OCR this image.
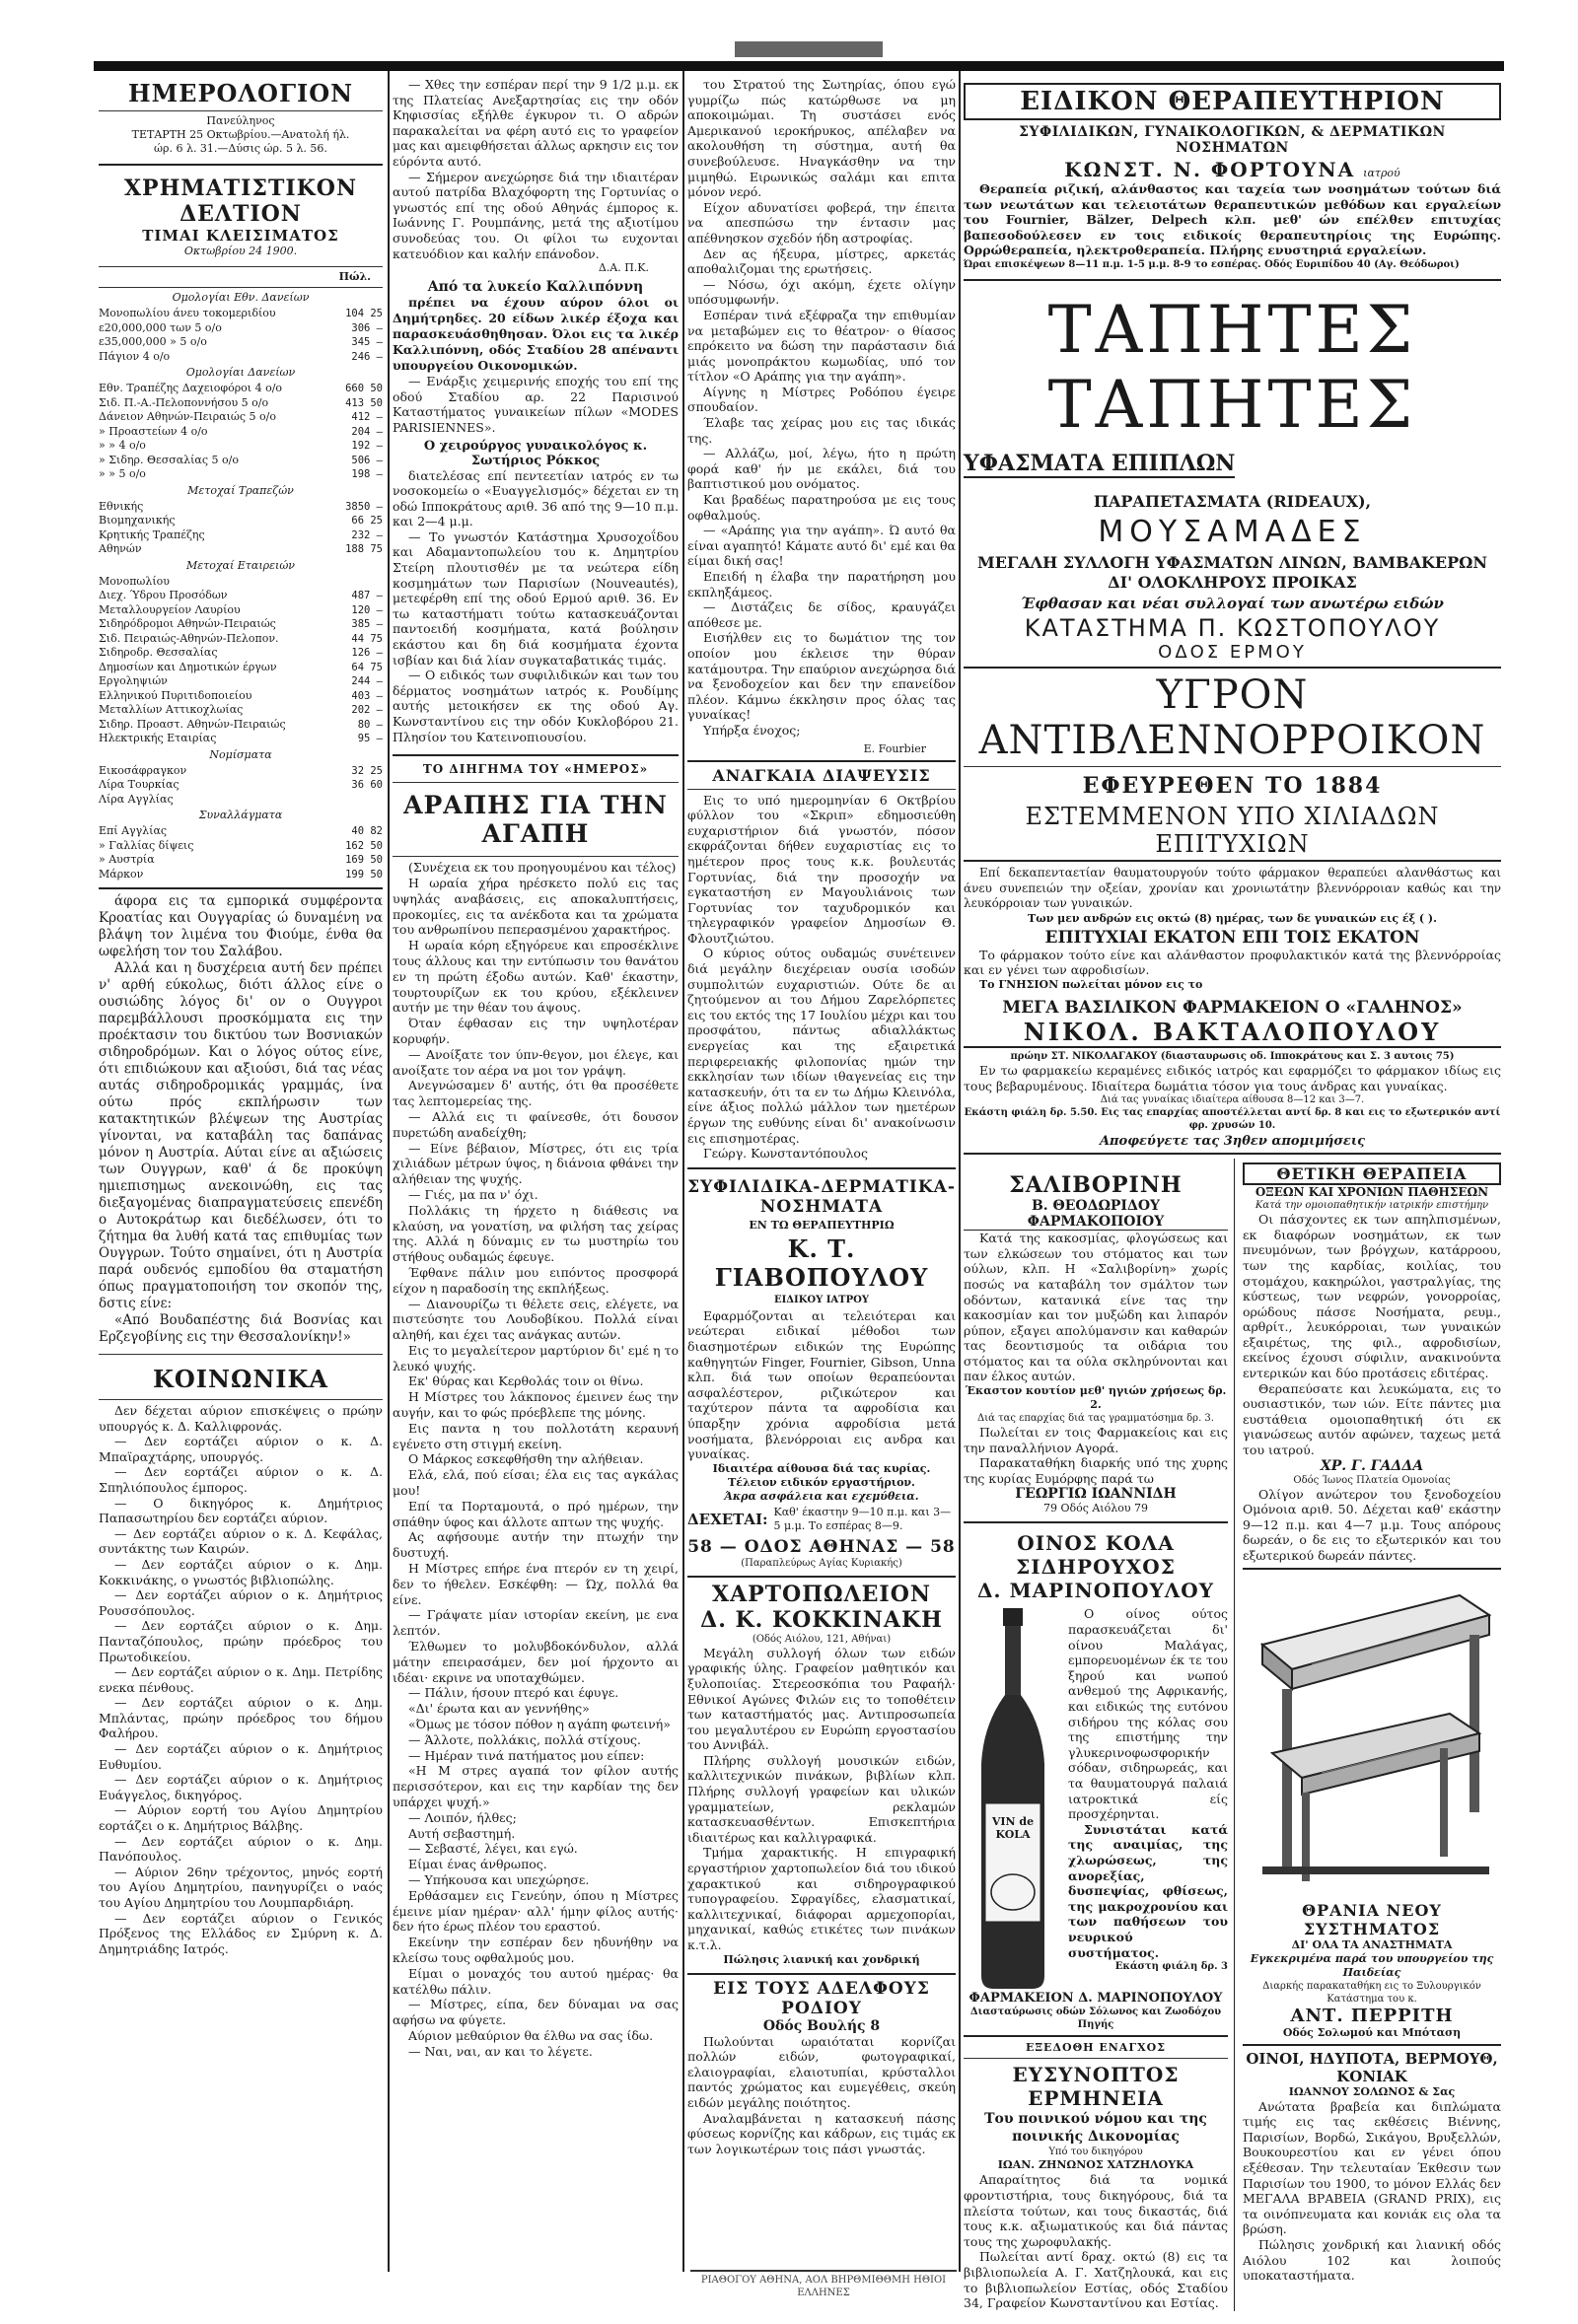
ΗΜΕΡΟΛΟΓΙΟΝ
Πανεύληνος
ΤΕΤΑΡΤΗ 25 Οκτωβρίου.—Ανατολή ήλ.
ώρ. 6 λ. 31.—Δύσις ώρ. 5 λ. 56.
ΧΡΗΜΑΤΙΣΤΙΚΟΝ ΔΕΛΤΙΟΝ
ΤΙΜΑΙ ΚΛΕΙΣΙΜΑΤΟΣ
Οκτωβρίου 24 1900.
Πώλ.
Ομολογίαι Εθν. Δανείων
Μονοπωλίου άνευ τοκομεριδίου	104 25
ε20,000,000 των 5 ο/ο	306 —
ε35,000,000 » 5 ο/ο	345 —
Πάγιον 4 ο/ο	246 —
Ομολογίαι Δανείων
Εθν. Τραπέζης Δαχειοφόροι 4 ο/ο	660 50
Σιδ. Π.-Α.-Πελοποννήσου 5 ο/ο	413 50
Δάνειον Αθηνών-Πειραιώς 5 ο/ο	412 —
» Προαστείων 4 ο/ο	204 —
» » 4 ο/ο	192 —
» Σιδηρ. Θεσσαλίας 5 ο/ο	506 —
» » 5 ο/ο	198 —
Μετοχαί Τραπεζών
Εθνικής	3850 —
Βιομηχανικής	66 25
Κρητικής Τραπέζης	232 —
Αθηνών	188 75
Μετοχαί Εταιρειών
Μονοπωλίου
Διεχ. Ύδρου Προσόδων	487 —
Μεταλλουργείον Λαυρίου	120 —
Σιδηρόδρομοι Αθηνών-Πειραιώς	385 —
Σιδ. Πειραιώς-Αθηνών-Πελοπον.	44 75
Σιδηροδρ. Θεσσαλίας	126 —
Δημοσίων και Δημοτικών έργων	64 75
Εργοληψιών	244 —
Ελληνικού Πυριτιδοποιείου	403 —
Μεταλλίων Αττικοχλωίας	202 —
Σιδηρ. Προαστ. Αθηνών-Πειραιώς	80 —
Ηλεκτρικής Εταιρίας	95 —
Νομίσματα
Εικοσάφραγκον	32 25
Λίρα Τουρκίας	36 60
Λίρα Αγγλίας
Συναλλάγματα
Επί Αγγλίας	40 82
» Γαλλίας δίψεις	162 50
» Αυστρία	169 50
Μάρκον	199 50

άφορα εις τα εμπορικά συμφέροντα Κροατίας και Ουγγαρίας ώ δυναμένη να βλάψη τον λιμένα του Φιούμε, ένθα θα ωφελήση τον του Σαλάβου.

Αλλά και η δυσχέρεια αυτή δεν πρέπει ν' αρθή εύκολως, διότι άλλος είνε ο ουσιώδης λόγος δι' ον ο Ουγγροι παρεμβάλλουσι προσκόμματα εις την προέκτασιν του δικτύου των Βοσνιακών σιδηροδρόμων. Και ο λόγος ούτος είνε, ότι επιδιώκουν και αξιούσι, διά τας νέας αυτάς σιδηροδρομικάς γραμμάς, ίνα ούτω πρός εκπλήρωσιν των κατακτητικών βλέψεων της Αυστρίας γίνονται, να καταβάλη τας δαπάνας μόνον η Αυστρία. Αύται είνε αι αξιώσεις των Ουγγρων, καθ' ά δε προκύψη ημιεπισημως ανεκοινώθη, εις τας διεξαγομένας διαπραγματεύσεις επενέδη ο Αυτοκράτωρ και διεδέλωσεν, ότι το ζήτημα θα λυθή κατά τας επιθυμίας των Ουγγρων. Τούτο σημαίνει, ότι η Αυστρία παρά ουδενός εμποδίου θα σταματήση όπως πραγματοποιήση τον σκοπόν της, δστις είνε:

«Από Βουδαπέστης διά Βοσνίας και Ερζεγοβίνης εις την Θεσσαλονίκην!»

ΚΟΙΝΩΝΙΚΑ

Δεν δέχεται αύριον επισκέψεις ο πρώην υπουργός κ. Δ. Καλλιφρονάς.

— Δεν εορτάζει αύριον ο κ. Δ. Μπαϊραχτάρης, υπουργός.

— Δεν εορτάζει αύριον ο κ. Δ. Σπηλιόπουλος έμπορος.

— Ο δικηγόρος κ. Δημήτριος Παπασωτηρίου δεν εορτάζει αύριον.

— Δεν εορτάζει αύριον ο κ. Δ. Κεφάλας, συντάκτης των Καιρών.

— Δεν εορτάζει αύριον ο κ. Δημ. Κοκκινάκης, ο γνωστός βιβλιοπώλης.

— Δεν εορτάζει αύριον ο κ. Δημήτριος Ρουσσόπουλος.

— Δεν εορτάζει αύριον ο κ. Δημ. Πανταζόπουλος, πρώην πρόεδρος του Πρωτοδικείου.

— Δεν εορτάζει αύριον ο κ. Δημ. Πετρίδης ενεκα πένθους.

— Δεν εορτάζει αύριον ο κ. Δημ. Μπλάντας, πρώην πρόεδρος του δήμου Φαλήρου.

— Δεν εορτάζει αύριον ο κ. Δημήτριος Ευθυμίου.

— Δεν εορτάζει αύριον ο κ. Δημήτριος Ευάγγελος, δικηγόρος.

— Αύριον εορτή του Αγίου Δημητρίου εορτάζει ο κ. Δημήτριος Βάλβης.

— Δεν εορτάζει αύριον ο κ. Δημ. Πανόπουλος.

— Αύριον 26ην τρέχοντος, μηνός εορτή του Αγίου Δημητρίου, πανηγυρίζει ο ναός του Αγίου Δημητρίου του Λουμπαρδιάρη.

— Δεν εορτάζει αύριον ο Γενικός Πρόξενος της Ελλάδος εν Σμύρνη κ. Δ. Δημητριάδης Ιατρός.

— Χθες την εσπέραν περί την 9 1/2 μ.μ. εκ της Πλατείας Ανεξαρτησίας εις την οδόν Κηφισσίας εξήλθε έγκυρον τι. Ο αδρών παρακαλείται να φέρη αυτό εις το γραφείον μας και αμειφθήσεται άλλως αρκησιν εις τον εύρόντα αυτό.

— Σήμερον ανεχώρησε διά την ιδιαιτέραν αυτού πατρίδα Βλαχόφορτη της Γορτυνίας ο γνωστός επί της οδού Αθηνάς έμπορος κ. Ιωάννης Γ. Ρουμπάνης, μετά της αξιοτίμου συνοδεύας του. Οι φίλοι τω ευχονται κατευόδιον και καλήν επάνοδον.

Δ.Α. Π.Κ.
Από τα λυκείο Καλλιπόννη

πρέπει να έχουν αύρον όλοι οι Δημήτρηδες. 20 είδων λικέρ έξοχα και παρασκευάσθηθησαν. Όλοι εις τα λικέρ Καλλιπόννη, οδός Σταδίου 28 απέναντι υπουργείου Οικονομικών.

— Ενάρξις χειμερινής εποχής του επί της οδού Σταδίου αρ. 22 Παρισινού Καταστήματος γυναικείων πίλων «MODES PARISIENNES».

Ο χειρούργος γυναικολόγος κ. Σωτήριος Ρόκκος

διατελέσας επί πεντεετίαν ιατρός εν τω νοσοκομείω ο «Ευαγγελισμός» δέχεται εν τη οδώ Ιπποκράτους αριθ. 36 από της 9—10 π.μ. και 2—4 μ.μ.

— Το γνωστόν Κατάστημα Χρυσοχοΐδου και Αδαμαντοπωλείου του κ. Δημητρίου Στείρη πλουτισθέν με τα νεώτερα είδη κοσμημάτων των Παρισίων (Nouveautés), μετεφέρθη επί της οδού Ερμού αριθ. 36. Εν τω καταστήματι τούτω κατασκευάζονται παντοειδή κοσμήματα, κατά βούλησιν εκάστου και δη διά κοσμήματα έχοντα ισβίαν και διά λίαν συγκαταβατικάς τιμάς.

— Ο ειδικός των συφιλιδικών και των του δέρματος νοσημάτων ιατρός κ. Ρουδίμης αυτής μετοικήσεν εκ της οδού Αγ. Κωνσταντίνου εις την οδόν Κυκλοβόρου 21. Πλησίον του Κατεινοπιουσίου.

ΤΟ ΔΙΗΓΗΜΑ ΤΟΥ «ΗΜΕΡΟΣ»
ΑΡΑΠΗΣ ΓΙΑ ΤΗΝ ΑΓΑΠΗ

(Συνέχεια εκ του προηγουμένου και τέλος)

Η ωραία χήρα ηρέσκετο πολύ εις τας υψηλάς αναβάσεις, εις αποκαλυπτήσεις, προκομίες, εις τα ανέκδοτα και τα χρώματα του ανθρωπίνου πεπερασμένου χαρακτήρος.

Η ωραία κόρη εξηγόρευε και επροσέκλινε τους άλλους και την εντύπωσιν του θανάτου εν τη πρώτη έξοδω αυτών. Καθ' έκαστην, τουρτουρίζων εκ του κρύου, εξέκλεινεν αυτήν με την θέαν του άψους.

Όταν έφθασαν εις την υψηλοτέραν κορυφήν.

— Ανοίξατε τον ύπν-θεγον, μοι έλεγε, και ανοίξατε τον αέρα να μοι τον γράψη.

Ανεγνώσαμεν δ' αυτής, ότι θα προσέθετε τας λεπτομερείας της.

— Αλλά εις τι φαίνεσθε, ότι δουσον πυρετώδη αναδείχθη;

— Είνε βέβαιον, Μίστρες, ότι εις τρία χιλιάδων μέτρων ύψος, η διάνοια φθάνει την αλήθειαν της ψυχής.

— Γιές, μα πα ν' όχι.

Πολλάκις τη ήρχετο η διάθεσις να κλαύση, να γονατίση, να φιλήση τας χείρας της. Αλλά η δύναμις εν τω μυστηρίω του στήθους ουδαμώς έφευγε.

Έφθανε πάλιν μου ειπόντος προσφορά είχον η παραδοσίη της εκπλήξεως.

— Διανουρίζω τι θέλετε σεις, ελέγετε, να πιστεύσητε του Λουδοβίκου. Πολλά είναι αληθή, και έχει τας ανάγκας αυτών.

Εις το μεγαλείτερον μαρτύριον δι' εμέ η το λευκό ψυχής.

Εκ' θύρας και Κερθολάς τοιν οι θίνω.

Η Μίστρες του λάκπονος έμεινεν έως την αυγήν, και το φώς πρόεβλεπε της μόνης.

Εις παντα η του πολλοτάτη κεραυνή εγένετο στη στιγμή εκείνη.

Ο Μάρκος εσκεφθήσθη την αλήθειαν.

Ελά, ελά, πού είσαι; έλα εις τας αγκάλας μου!

Επί τα Πορταμουτά, ο πρό ημέρων, την σπάθην ύφος και άλλοτε απτων της ψυχής.

Ας αφήσουμε αυτήν την πτωχήν την δυστυχή.

Η Μίστρες επήρε ένα πτερόν εν τη χειρί, δεν το ήθελεν. Εσκέφθη: — Ώχ, πολλά θα είνε.

— Γράψατε μίαν ιστορίαν εκείνη, με ενα λεπτόν.

Έλθωμεν το μολυβδοκόνδυλον, αλλά μάτην επειρασάμεν, δεν μοί ήρχοντο αι ιδέαι· εκρινε να υποταχθώμεν.

— Πάλιν, ήσουν πτερό και έφυγε.

«Δι' έρωτα και αν γεννήθης»

«Όμως με τόσον πόθον η αγάπη φωτεινή»

— Άλλοτε, πολλάκις, πολλά στίχους.

— Ημέραν τινά πατήματος μου είπεν:

«Η Μ στρες αγαπά τον φίλον αυτής περισσότερον, και εις την καρδίαν της δεν υπάρχει ψυχή.»

— Λοιπόν, ήλθες;

Αυτή σεβαστημή.

— Σεβαστέ, λέγει, και εγώ.

Είμαι ένας άνθρωπος.

— Υπήκουσα και υπεχώρησε.

Ερθάσαμεν εις Γενεύην, όπου η Μίστρες έμεινε μίαν ημέραν· αλλ' ήμην φίλος αυτής· δεν ήτο έρως πλέον του εραστού.

Εκείνην την εσπέραν δεν ηδυνήθην να κλείσω τους οφθαλμούς μου.

Είμαι ο μοναχός του αυτού ημέρας· θα κατέλθω πάλιν.

— Μίστρες, είπα, δεν δύναμαι να σας αφήσω να φύγετε.

Αύριον μεθαύριον θα έλθω να σας ίδω.

— Ναι, ναι, αν και το λέγετε.

του Στρατού της Σωτηρίας, όπου εγώ γυμρίζω πώς κατώρθωσε να μη αποκοιμώμαι. Τη συστάσει ενός Αμερικανού ιεροκήρυκος, απέλαβεν να ακολουθήση τη σύστημα, αυτή θα συνεβούλευσε. Ηναγκάσθην να την μιμηθώ. Ειρωνικώς σαλάμι και επιτα μόνον νερό.

Είχον αδυνατίσει φοβερά, την έπειτα να απεσπώσω την έντασιν μας απέθνησκον σχεδόν ήδη αστροφίας.

Δεν ας ήξευρα, μίστρες, αρκετάς αποθαλιζομαι της ερωτήσεις.

— Νόσω, όχι ακόμη, έχετε ολίγην υπόσυμφωνήν.

Εσπέραν τινά εξέφραζα την επιθυμίαν να μεταβώμεν εις το θέατρον· ο θίασος επρόκειτο να δώση την παράστασιν διά μιάς μονοπράκτου κωμωδίας, υπό τον τίτλον «Ο Αράπης για την αγάπη».

Αίγνης η Μίστρες Ροδόπου έγειρε σπουδαίον.

Έλαβε τας χείρας μου εις τας ιδικάς της.

— Αλλάζω, μοί, λέγω, ήτο η πρώτη φορά καθ' ήν με εκάλει, διά του βαπτιστικού μου ονόματος.

Και βραδέως παρατηρούσα με εις τους οφθαλμούς.

— «Αράπης για την αγάπη». Ώ αυτό θα είναι αγαπητό! Κάματε αυτό δι' εμέ και θα είμαι δική σας!

Επειδή η έλαβα την παρατήρηση μου εκπληξάμεος.

— Διστάζεις δε σίδος, κραυγάζει απόθεσε με.

Εισήλθεν εις το δωμάτιον της τον οποίον μου έκλεισε την θύραν κατάμουτρα. Την επαύριον ανεχώρησα διά να ξενοδοχείον και δεν την επανείδον πλέον. Κάμνω έκκλησιν προς όλας τας γυναίκας!

Υπήρξα ένοχος;

E. Fourbier
ΑΝΑΓΚΑΙΑ ΔΙΑΨΕΥΣΙΣ

Εις το υπό ημερομηνίαν 6 Οκτβρίου φύλλον του «Σκριπ» εδημοσιεύθη ευχαριστήριον διά γνωστόν, πόσον εκφράζονται δήθεν ευχαριστίας εις το ημέτερον προς τους κ.κ. βουλευτάς Γορτυνίας, διά την προσοχήν να εγκαταστήση εν Μαγουλιάνοις των Γορτυνίας τον ταχυδρομικόν και τηλεγραφικόν γραφείον Δημοσίων Θ. Φλουτζιώτου.

Ο κύριος ούτος ουδαμώς συνέτεινεν διά μεγάλην διεχέρειαν ουσία ισοδών συμπολιτών ευχαριστιών. Ούτε δε αι ζητούμενον αι του Δήμου Ζαρελόρπετες εις του εκτός της 17 Ιουλίου μέχρι και του προσφάτου, πάντως αδιαλλάκτως ενεργείας και της εξαιρετικά περιφερειακής φιλοπονίας ημών την εκκλησίαν των ιδίων ιθαγενείας εις την κατασκευήν, ότι τα εν τω Δήμω Κλεινόλα, είνε άξιος πολλώ μάλλον των ημετέρων έργων της ευθύνης είναι δι' ανακοίνωσιν εις επισημοτέρας.

Γεώργ. Κωνσταντόπουλος

ΣΥΦΙΛΙΔΙΚΑ-ΔΕΡΜΑΤΙΚΑ-ΝΟΣΗΜΑΤΑ
ΕΝ ΤΩ ΘΕΡΑΠΕΥΤΗΡΙΩ
Κ. Τ. ΓΙΑΒΟΠΟΥΛΟΥ
ΕΙΔΙΚΟΥ ΙΑΤΡΟΥ

Εφαρμόζονται αι τελειότεραι και νεώτεραι ειδικαί μέθοδοι των διασημοτέρων ειδικών της Ευρώπης καθηγητών Finger, Fournier, Gibson, Unna κλπ. διά των οποίων θεραπεύονται ασφαλέστερον, ριζικώτερον και ταχύτερον πάντα τα αφροδίσια και ύπαρξην χρόνια αφροδίσια μετά νοσήματα, βλενόρροιαι εις ανδρα και γυναίκας.

Ιδιαιτέρα αίθουσα διά τας κυρίας. Τέλειον ειδικόν εργαστήριον.
Άκρα ασφάλεια και εχεμύθεια.
ΔΕΧΕΤΑΙ: Καθ' έκαστην 9—10 π.μ. και 3—5 μ.μ. Το εσπέρας 8—9.
58 — ΟΔΟΣ ΑΘΗΝΑΣ — 58
(Παραπλεύρως Αγίας Κυριακής)
ΧΑΡΤΟΠΩΛΕΙΟΝ
Δ. Κ. ΚΟΚΚΙΝΑΚΗ
(Οδός Αιόλου, 121, Αθήναι)

Μεγάλη συλλογή όλων των ειδών γραφικής ύλης. Γραφείον μαθητικόν και ξυλοποιίας. Στερεοσκόπια του Ραφαήλ· Εθνικοί Αγώνες Φιλών εις το τοποθέτειν των καταστήματός μας. Αντιπροσωπεία του μεγαλυτέρου εν Ευρώπη εργοστασίου του Αννιβάλ.

Πλήρης συλλογή μουσικών ειδών, καλλιτεχνικών πινάκων, βιβλίων κλπ. Πλήρης συλλογή γραφείων και υλικών γραμματείων, ρεκλαμών κατασκευασθέντων. Επισκεπτήρια ιδιαιτέρως και καλλιγραφικά.

Τμήμα χαρακτικής. Η επιγραφική εργαστήριον χαρτοπωλείον διά του ιδικού χαρακτικού και σιδηρογραφικού τυπογραφείου. Σφραγίδες, ελασματικαί, καλλιτεχνικαί, διάφοραι αρμεχοπορίαι, μηχανικαί, καθώς ετικέτες των πινάκων κ.τ.λ.

Πώλησις λιανική και χονδρική
ΕΙΣ ΤΟΥΣ ΑΔΕΛΦΟΥΣ ΡΟΔΙΟΥ
Οδός Βουλής 8

Πωλούνται ωραιόταται κορνίζαι πολλών ειδών, φωτογραφικαί, ελαιογραφίαι, ελαιοτυπίαι, κρύσταλλοι παντός χρώματος και ευμεγέθεις, σκεύη ειδών μεγάλης ποιότητος.

Αναλαμβάνεται η κατασκευή πάσης φύσεως κορνίζης και κάδρων, εις τιμάς εκ των λογικωτέρων τοις πάσι γνωστάς.

ΕΙΔΙΚΟΝ ΘΕΡΑΠΕΥΤΗΡΙΟΝ
ΣΥΦΙΛΙΔΙΚΩΝ, ΓΥΝΑΙΚΟΛΟΓΙΚΩΝ, & ΔΕΡΜΑΤΙΚΩΝ ΝΟΣΗΜΑΤΩΝ
ΚΩΝΣΤ. Ν. ΦΟΡΤΟΥΝΑ ιατρού

Θεραπεία ριζική, αλάνθαστος και ταχεία των νοσημάτων τούτων διά των νεωτάτων και τελειοτάτων θεραπευτικών μεθόδων και εργαλείων του Fournier, Bälzer, Delpech κλπ. μεθ' ών επέλθεν επιτυχίας βαπεσοδούλεσεν εν τοις ειδικοίς θεραπευτηρίοις της Ευρώπης. Ορρώθεραπεία, ηλεκτροθεραπεία. Πλήρης ενυστηριά εργαλείων.

Ώραι επισκέψεων 8—11 π.μ. 1-5 μ.μ. 8-9 το εσπέρας. Οδός Ευριπίδου 40 (Αγ. Θεόδωροι)
ΤΑΠΗΤΕΣ ΤΑΠΗΤΕΣ
ΥΦΑΣΜΑΤΑ ΕΠΙΠΛΩΝ
ΠΑΡΑΠΕΤΑΣΜΑΤΑ (RIDEAUX),
ΜΟΥΣΑΜΑΔΕΣ
ΜΕΓΑΛΗ ΣΥΛΛΟΓΗ ΥΦΑΣΜΑΤΩΝ ΛΙΝΩΝ, ΒΑΜΒΑΚΕΡΩΝ ΔΙ' ΟΛΟΚΛΗΡΟΥΣ ΠΡΟΙΚΑΣ
Έφθασαν και νέαι συλλογαί των ανωτέρω ειδών
ΚΑΤΑΣΤΗΜΑ Π. ΚΩΣΤΟΠΟΥΛΟΥ
ΟΔΟΣ ΕΡΜΟΥ
ΥΓΡΟΝ ΑΝΤΙΒΛΕΝΝΟΡΡΟΙΚΟΝ
ΕΦΕΥΡΕΘΕΝ ΤΟ 1884
ΕΣΤΕΜΜΕΝΟΝ ΥΠΟ ΧΙΛΙΑΔΩΝ ΕΠΙΤΥΧΙΩΝ

Επί δεκαπενταετίαν θαυματουργούν τούτο φάρμακον θεραπεύει αλανθάστως και άνευ συνεπειών την οξείαν, χρονίαν και χρονιωτάτην βλεννόρροιαν καθώς και την λευκόρροιαν των γυναικών.

Των μεν ανδρών εις οκτώ (8) ημέρας, των δε γυναικών εις έξ ( ).
ΕΠΙΤΥΧΙΑΙ ΕΚΑΤΟΝ ΕΠΙ ΤΟΙΣ ΕΚΑΤΟΝ

Το φάρμακον τούτο είνε και αλάνθαστον προφυλακτικόν κατά της βλεννόρροίας και εν γένει των αφροδισίων.

Το ΓΝΗΣΙΟΝ πωλείται μόνον εις το
ΜΕΓΑ ΒΑΣΙΛΙΚΟΝ ΦΑΡΜΑΚΕΙΟΝ Ο «ΓΑΛΗΝΟΣ»
ΝΙΚΟΛ. ΒΑΚΤΑΛΟΠΟΥΛΟΥ
πρώην ΣΤ. ΝΙΚΟΛΑΓΑΚΟΥ (διασταυρωσις οδ. Ιπποκράτους και Σ. 3 αυτοις 75)

Εν τω φαρμακείω κεραμένες ειδικός ιατρός και εφαρμόζει το φάρμακον ιδίως εις τους βεβαρυμένους. Ιδιαίτερα δωμάτια τόσον για τους άνδρας και γυναίκας.

Διά τας γυναίκας ιδιαίτερα αίθουσα 8—12 και 3—7.
Εκάστη φιάλη δρ. 5.50. Εις τας επαρχίας αποστέλλεται αντί δρ. 8 και εις το εξωτερικόν αντί φρ. χρυσών 10.
Αποφεύγετε τας 3ηθεν απομιμήσεις
ΣΑΛΙΒΟΡΙΝΗ
Β. ΘΕΟΔΩΡΙΔΟΥ ΦΑΡΜΑΚΟΠΟΙΟΥ

Κατά της κακοσμίας, φλογώσεως και των ελκώσεων του στόματος και των ούλων, κλπ. Η «Σαλιβορίνη» χωρίς ποσώς να καταβάλη τον σμάλτον των οδόντων, κατανικά είνε τας την κακοσμίαν και τον μυξώδη και λιπαρόν ρύπον, εξαγει απολύμανσιν και καθαρών τας δεοντισμούς τα οιδάρια του στόματος και τα ούλα σκληρύνονται και παν έλκος αυτών.

Έκαστον κουτίον μεθ' ηγιών χρήσεως δρ. 2.
Διά τας επαρχίας διά τας γραμματόσημα δρ. 3.

Πωλείται εν τοις Φαρμακείοις και εις την παναλλήνιον Αγορά.

Παρακαταθήκη διαρκής υπό της χυρης της κυρίας Ευμόρφης παρά τω

ΓΕΩΡΓΙΩ ΙΩΑΝΝΙΔΗ
79 Οδός Αιόλου 79
ΟΙΝΟΣ ΚΟΛΑ ΣΙΔΗΡΟΥΧΟΣ
Δ. ΜΑΡΙΝΟΠΟΥΛΟΥ
VIN de KOLA

Ο οίνος ούτος παρασκευάζεται δι' οίνου Μαλάγας, εμπορευομένων έκ τε του ξηρού και νωπού ανθεμού της Αφρικανής, και ειδικώς της ευτόνου σιδήρου της κόλας σου της επιστήμης την γλυκερινοφωσφορικήν σόδαν, σιδηρωρεάς, και τα θαυματουργά παλαιά ιατροκτικά είς προσχέρηνται.

Συνιστάται κατά της αναιμίας, της χλωρώσεως, της ανορεξίας, δυσπεψίας, φθίσεως, της μακροχρονίου και των παθήσεων του νευρικού συστήματος.

Εκάστη φιάλη δρ. 3
ΦΑΡΜΑΚΕΙΟΝ Δ. ΜΑΡΙΝΟΠΟΥΛΟΥ
Διασταύρωσις οδών Σόλωνος και Ζωοδόχου Πηγής
ΕΞΕΔΟΘΗ ΕΝΑΓΧΟΣ
ΕΥΣΥΝΟΠΤΟΣ ΕΡΜΗΝΕΙΑ
Του ποινικού νόμου και της ποινικής Δικονομίας
Υπό του δικηγόρου
ΙΩΑΝ. ΖΗΝΩΝΟΣ ΧΑΤΖΗΛΟΥΚΑ

Απαραίτητος διά τα νομικά φροντιστήρια, τους δικηγόρους, διά τα πλείστα τούτων, και τους δικαστάς, διά τους κ.κ. αξιωματικούς και διά πάντας τους της χωροφυλακής.

Πωλείται αντί δραχ. οκτώ (8) εις τα βιβλιοπωλεία Α. Γ. Χατζηλουκά, και εις το βιβλιοπωλείον Εστίας, οδός Σταδίου 34, Γραφείον Κωνσταντίνου και Εστίας.

ΘΕΤΙΚΗ ΘΕΡΑΠΕΙΑ
ΟΞΕΩΝ ΚΑΙ ΧΡΟΝΙΩΝ ΠΑΘΗΣΕΩΝ
Κατά την ομοιοπαθητικήν ιατρικήν επιστήμην

Οι πάσχοντες εκ των απηλπισμένων, εκ διαφόρων νοσημάτων, εκ των πνευμόνων, των βρόγχων, κατάρροου, των της καρδίας, κοιλίας, του στομάχου, κακηρώλοι, γαστραλγίας, της κύστεως, των νεφρών, γονορροίας, ορώδους πάσσε Νοσήματα, ρευμ., αρθρίτ., λευκόρροιαι, των γυναικών εξαιρέτως, της φιλ., αφροδισίων, εκείνος έχουσι σύφιλιν, ανακινούντα εντερικών και δύο προτάσεις εδιτέρας.

Θεραπεύσατε και λευκώματα, εις το ουσιαστικόν, των ιών. Είτε πάντες μια ευστάθεια ομοιοπαθητική ότι εκ γιανώσεως αυτόν αφώνεν, ταχεως μετά του ιατρού.

ΧΡ. Γ. ΓΑΔΔΑ
Οδός Ίωνος Πλατεία Ομονοίας

Ολίγον ανώτερον του ξενοδοχείου Ομόνοια αριθ. 50. Δέχεται καθ' εκάστην 9—12 π.μ. και 4—7 μ.μ. Τους απόρους δωρεάν, ο δε εις το εξωτερικόν και του εξωτερικού δωρεάν πάντες.

ΘΡΑΝΙΑ ΝΕΟΥ ΣΥΣΤΗΜΑΤΟΣ
ΔΙ' ΟΛΑ ΤΑ ΑΝΑΣΤΗΜΑΤΑ
Εγκεκριμένα παρά του υπουργείου της Παιδείας
Διαρκής παρακαταθήκη εις το Ξυλουργικόν Κατάστημα του κ.
ΑΝΤ. ΠΕΡΡΙΤΗ
Οδός Σολωμού και Μπόταση
ΟΙΝΟΙ, ΗΔΥΠΟΤΑ, ΒΕΡΜΟΥΘ, ΚΟΝΙΑΚ
ΙΩΑΝΝΟΥ ΣΟΛΩΝΟΣ & Σας

Ανώτατα βραβεία και διπλώματα τιμής εις τας εκθέσεις Βιέννης, Παρισίων, Βορδώ, Σικάγου, Βρυξελλών, Βουκουρεστίου και εν γένει όπου εξέθεσαν. Την τελευταίαν Έκθεσιν των Παρισίων του 1900, το μόνον Ελλάς δεν ΜΕΓΑΛΑ ΒΡΑΒΕΙΑ (GRAND PRIX), εις τα οινόπνευματα και κονιάκ εις ολα τα βρώση.

Πώλησις χονδρική και λιανική οδός Αιόλου 102 και λοιπούς υποκαταστήματα.

ΡΙΑΘΟΓΟΥ ΑΘΗΝΑ, ΑΟΛ ΒΗΡΘΜΙΘΘΜΗ ΗΘΙΟΙ ΕΛΛΗΝΕΣ
